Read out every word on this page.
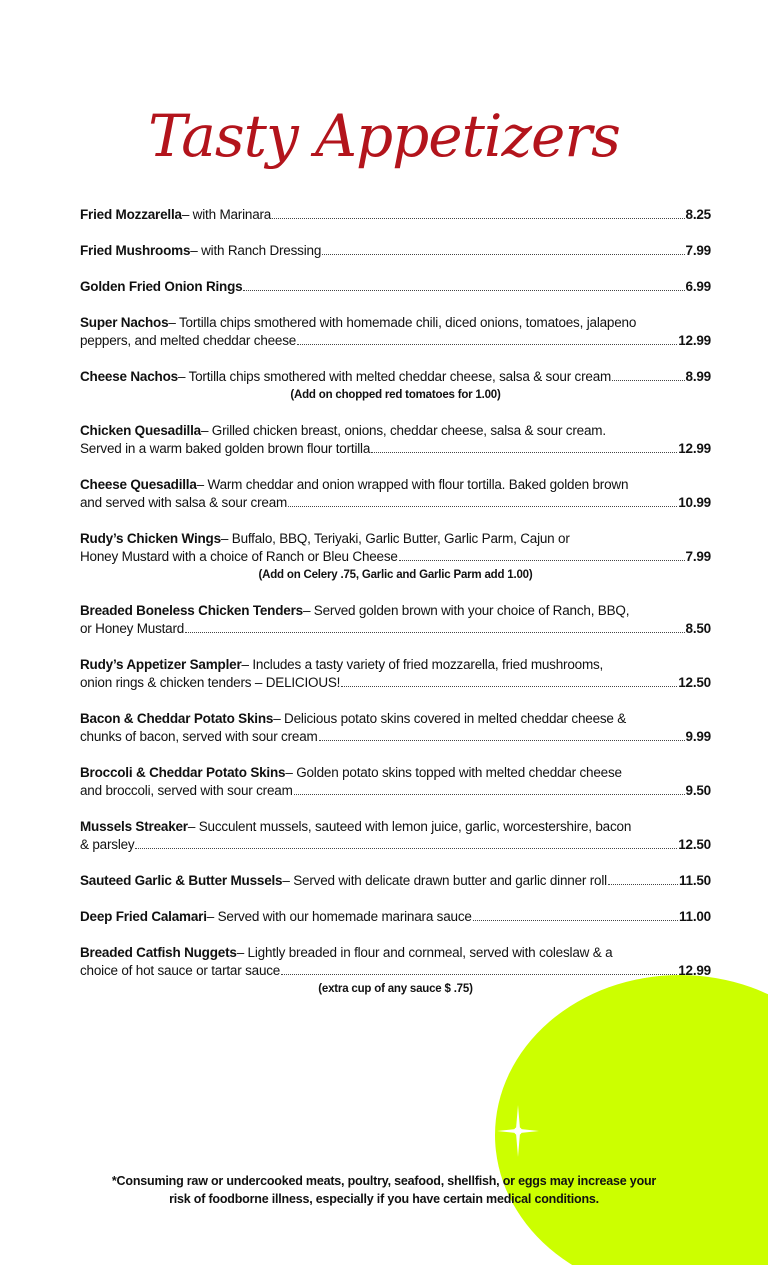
Tasty Appetizers
Fried Mozzarella – with Marinara	8.25
Fried Mushrooms – with Ranch Dressing	7.99
Golden Fried Onion Rings	6.99
Super Nachos – Tortilla chips smothered with homemade chili, diced onions, tomatoes, jalapeno
peppers, and melted cheddar cheese	12.99
Cheese Nachos – Tortilla chips smothered with melted cheddar cheese, salsa & sour cream	8.99
(Add on chopped red tomatoes for 1.00)
Chicken Quesadilla – Grilled chicken breast, onions, cheddar cheese, salsa & sour cream.
Served in a warm baked golden brown flour tortilla	12.99
Cheese Quesadilla – Warm cheddar and onion wrapped with flour tortilla. Baked golden brown
and served with salsa & sour cream	10.99
Rudy’s Chicken Wings – Buffalo, BBQ, Teriyaki, Garlic Butter, Garlic Parm, Cajun or
Honey Mustard with a choice of Ranch or Bleu Cheese	7.99
(Add on Celery .75, Garlic and Garlic Parm add 1.00)
Breaded Boneless Chicken Tenders – Served golden brown with your choice of Ranch, BBQ,
or Honey Mustard	8.50
Rudy’s Appetizer Sampler – Includes a tasty variety of fried mozzarella, fried mushrooms,
onion rings & chicken tenders – DELICIOUS!	12.50
Bacon & Cheddar Potato Skins – Delicious potato skins covered in melted cheddar cheese &
chunks of bacon, served with sour cream	9.99
Broccoli & Cheddar Potato Skins – Golden potato skins topped with melted cheddar cheese
and broccoli, served with sour cream	9.50
Mussels Streaker – Succulent mussels, sauteed with lemon juice, garlic, worcestershire, bacon
& parsley	12.50
Sauteed Garlic & Butter Mussels – Served with delicate drawn butter and garlic dinner roll	11.50
Deep Fried Calamari – Served with our homemade marinara sauce	11.00
Breaded Catfish Nuggets – Lightly breaded in flour and cornmeal, served with coleslaw & a
choice of hot sauce or tartar sauce	12.99
(extra cup of any sauce $ .75)
*Consuming raw or undercooked meats, poultry, seafood, shellfish, or eggs may increase your
risk of foodborne illness, especially if you have certain medical conditions.
